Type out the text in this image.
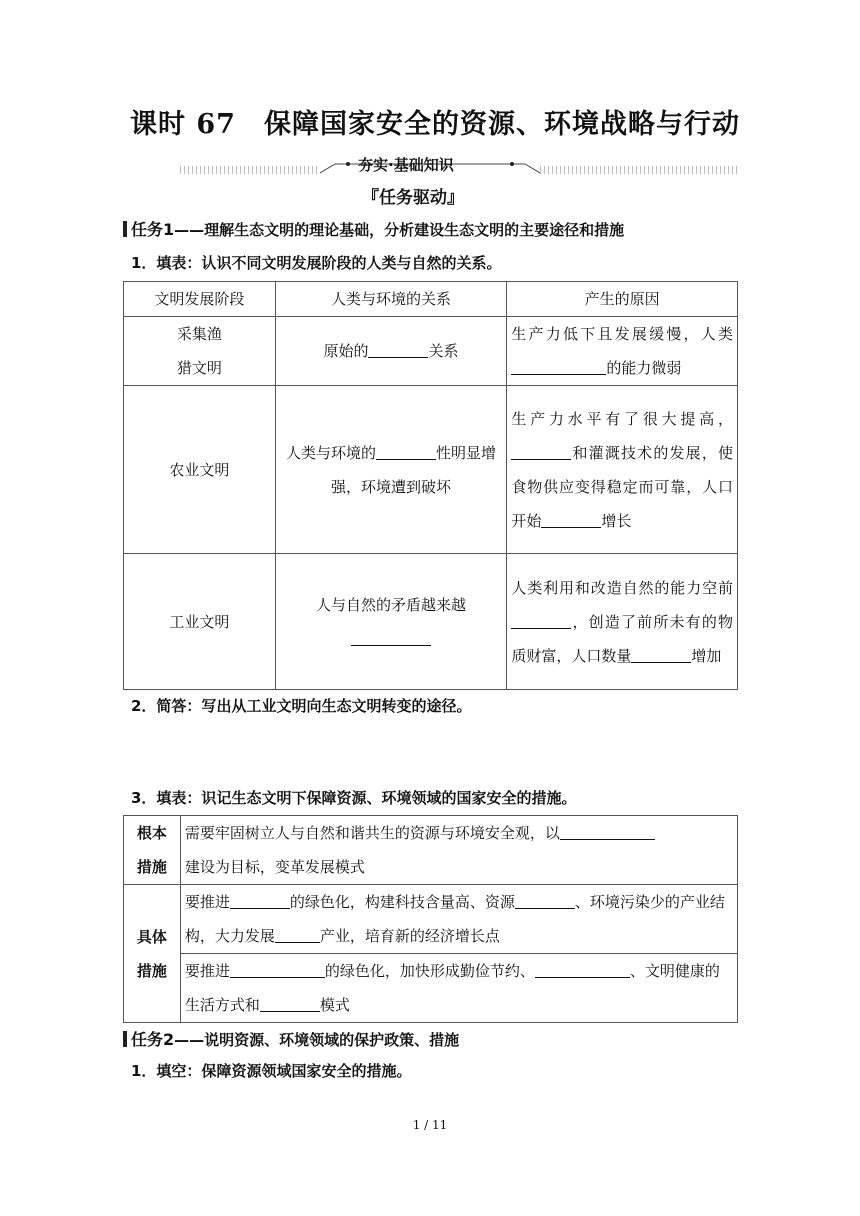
课时 67　保障国家安全的资源、环境战略与行动
夯实·基础知识
『任务驱动』
任务1——理解生态文明的理论基础，分析建设生态文明的主要途径和措施
1．填表：认识不同文明发展阶段的人类与自然的关系。
文明发展阶段	人类与环境的关系	产生的原因
采集渔
猎文明	原始的 关系	生产力低下且发展缓慢，人类的能力微弱
农业文明	人类与环境的 性明显增强，环境遭到破坏	生产力水平有了很大提高，和灌溉技术的发展，使食物供应变得稳定而可靠，人口开始 增长
工业文明	人与自然的矛盾越来越	人类利用和改造自然的能力空前，创造了前所未有的物质财富，人口数量 增加
2．简答：写出从工业文明向生态文明转变的途径。
3．填表：识记生态文明下保障资源、环境领域的国家安全的措施。
根本
措施	需要牢固树立人与自然和谐共生的资源与环境安全观，以
建设为目标，变革发展模式
具体
措施	要推进 的绿色化，构建科技含量高、资源 、环境污染少的产业结构，大力发展 产业，培育新的经济增长点
	要推进 的绿色化，加快形成勤俭节约、 、文明健康的生活方式和 模式
任务2——说明资源、环境领域的保护政策、措施
1．填空：保障资源领域国家安全的措施。
1 / 11
